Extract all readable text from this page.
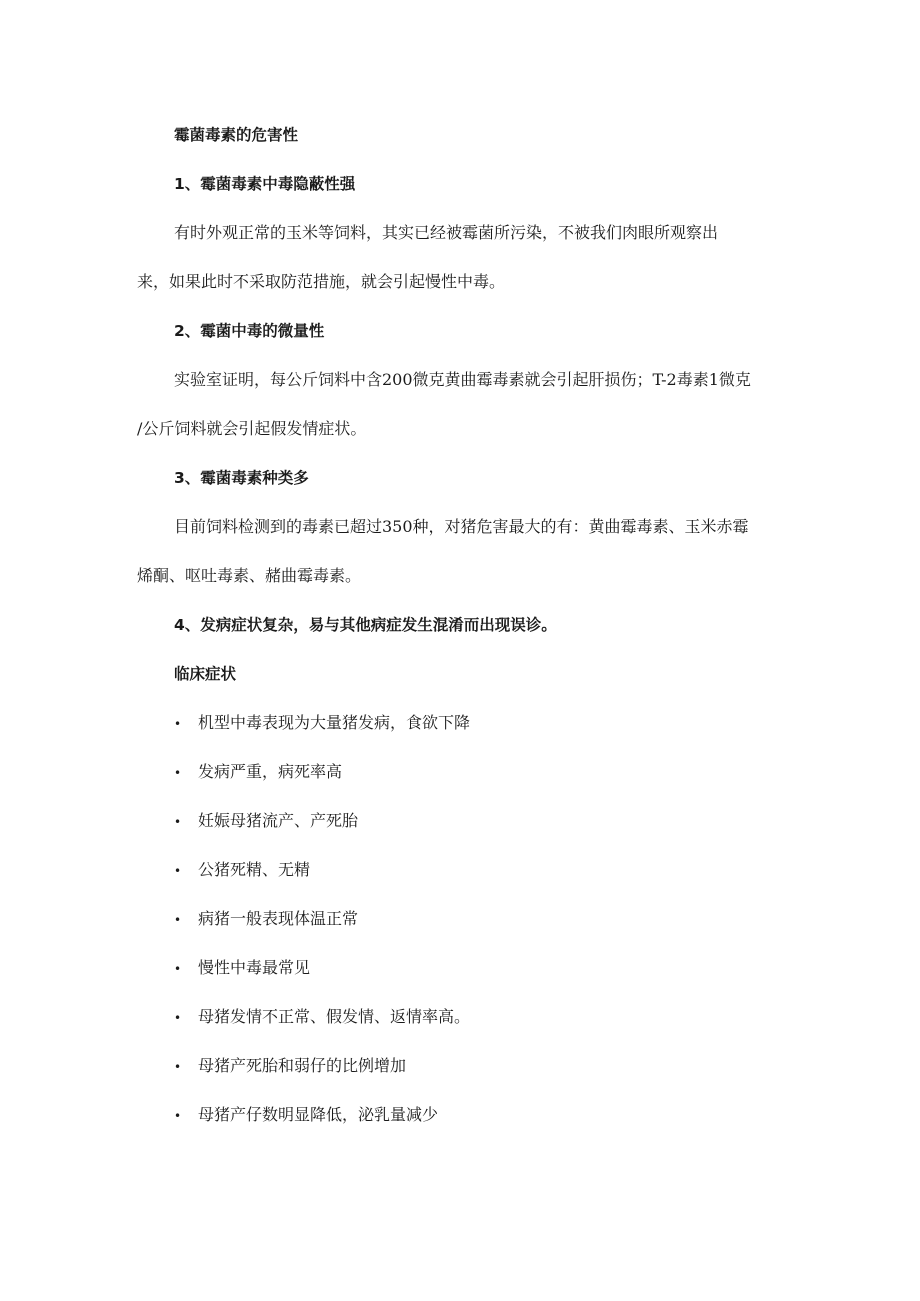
霉菌毒素的危害性
1、霉菌毒素中毒隐蔽性强
有时外观正常的玉米等饲料，其实已经被霉菌所污染，不被我们肉眼所观察出
来，如果此时不采取防范措施，就会引起慢性中毒。
2、霉菌中毒的微量性
实验室证明，每公斤饲料中含200微克黄曲霉毒素就会引起肝损伤；T-2毒素1微克
/公斤饲料就会引起假发情症状。
3、霉菌毒素种类多
目前饲料检测到的毒素已超过350种，对猪危害最大的有：黄曲霉毒素、玉米赤霉
烯酮、呕吐毒素、赭曲霉毒素。
4、发病症状复杂，易与其他病症发生混淆而出现误诊。
临床症状
• 机型中毒表现为大量猪发病，食欲下降
• 发病严重，病死率高
• 妊娠母猪流产、产死胎
• 公猪死精、无精
• 病猪一般表现体温正常
• 慢性中毒最常见
• 母猪发情不正常、假发情、返情率高。
• 母猪产死胎和弱仔的比例增加
• 母猪产仔数明显降低，泌乳量减少
